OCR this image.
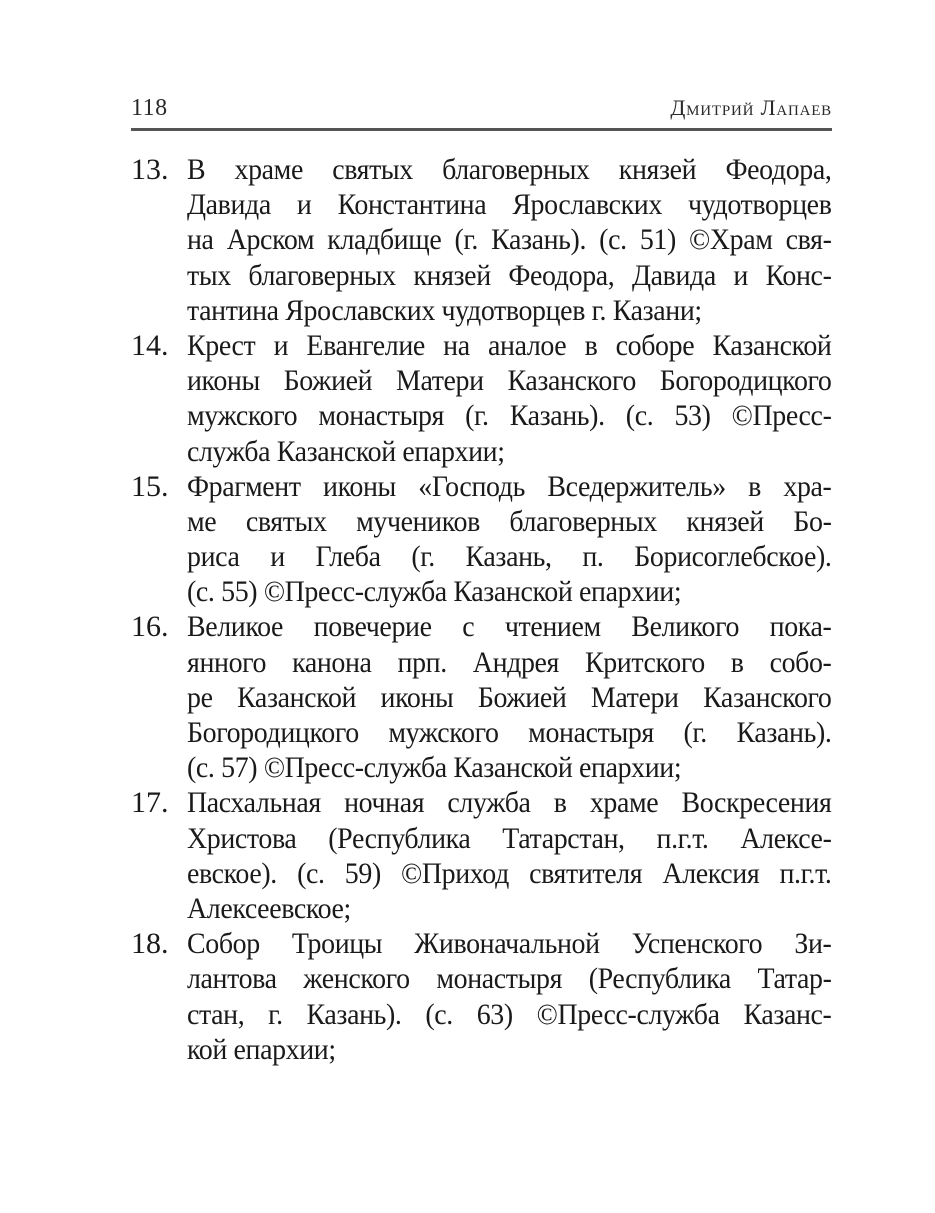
118	Дмитрий Лапаев
13. В храме святых благоверных князей Феодора,
Давида и Константина Ярославских чудотворцев
на Арском кладбище (г. Казань). (с. 51) ©Храм свя-
тых благоверных князей Феодора, Давида и Конс-
тантина Ярославских чудотворцев г. Казани;
14. Крест и Евангелие на аналое в соборе Казанской
иконы Божией Матери Казанского Богородицкого
мужского монастыря (г. Казань). (с. 53) ©Пресс-
служба Казанской епархии;
15. Фрагмент иконы «Господь Вседержитель» в хра-
ме святых мучеников благоверных князей Бо-
риса и Глеба (г. Казань, п. Борисоглебское).
(с. 55) ©Пресс-служба Казанской епархии;
16. Великое повечерие с чтением Великого пока-
янного канона прп. Андрея Критского в собо-
ре Казанской иконы Божией Матери Казанского
Богородицкого мужского монастыря (г. Казань).
(с. 57) ©Пресс-служба Казанской епархии;
17. Пасхальная ночная служба в храме Воскресения
Христова (Республика Татарстан, п.г.т. Алексе-
евское). (с. 59) ©Приход святителя Алексия п.г.т.
Алексеевское;
18. Собор Троицы Живоначальной Успенского Зи-
лантова женского монастыря (Республика Татар-
стан, г. Казань). (с. 63) ©Пресс-служба Казанс-
кой епархии;
